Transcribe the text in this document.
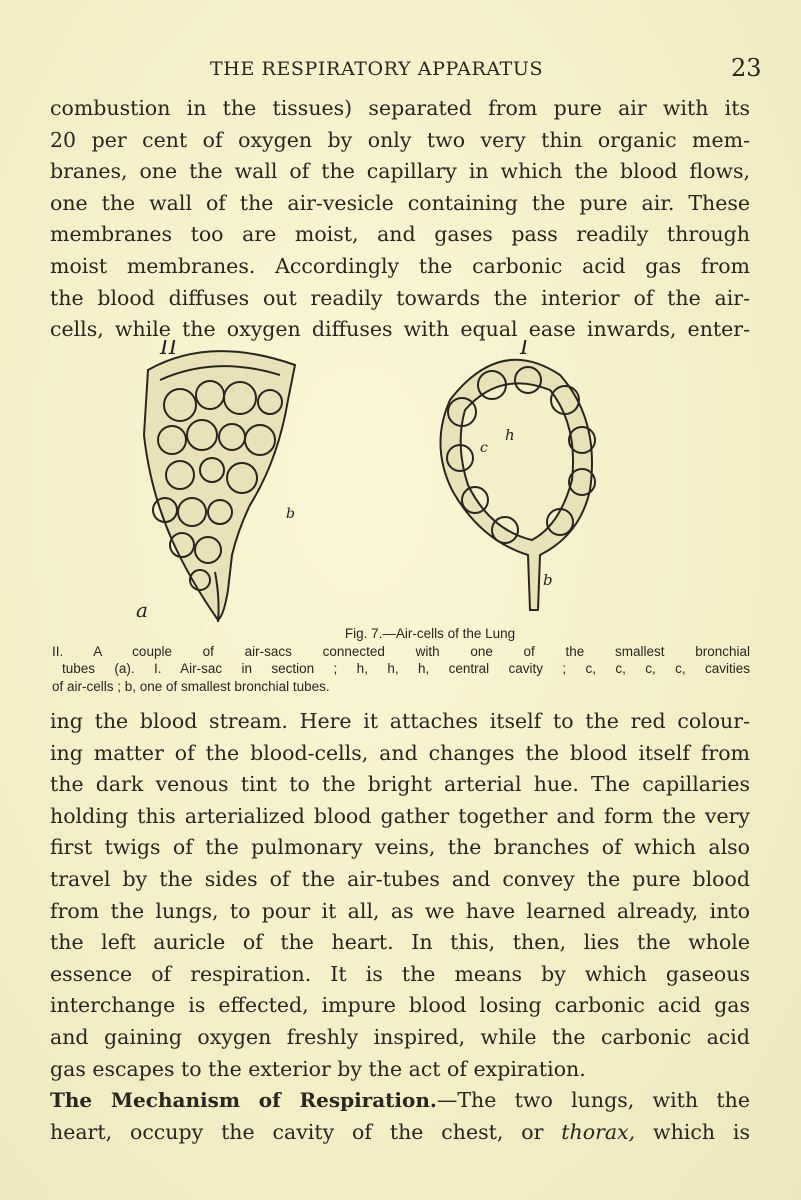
THE RESPIRATORY APPARATUS	23
combustion in the tissues) separated from pure air with its
20 per cent of oxygen by only two very thin organic mem-
branes, one the wall of the capillary in which the blood flows,
one the wall of the air-vesicle containing the pure air. These
membranes too are moist, and gases pass readily through
moist membranes. Accordingly the carbonic acid gas from
the blood diffuses out readily towards the interior of the air-
cells, while the oxygen diffuses with equal ease inwards, enter-
II
a
b
I
c
h
b
Fig. 7.—Air-cells of the Lung
II. A couple of air-sacs connected with one of the smallest bronchial
tubes (a). I. Air-sac in section ; h, h, h, central cavity ; c, c, c, c, cavities
of air-cells ; b, one of smallest bronchial tubes.
ing the blood stream. Here it attaches itself to the red colour-
ing matter of the blood-cells, and changes the blood itself from
the dark venous tint to the bright arterial hue. The capillaries
holding this arterialized blood gather together and form the very
first twigs of the pulmonary veins, the branches of which also
travel by the sides of the air-tubes and convey the pure blood
from the lungs, to pour it all, as we have learned already, into
the left auricle of the heart. In this, then, lies the whole
essence of respiration. It is the means by which gaseous
interchange is effected, impure blood losing carbonic acid gas
and gaining oxygen freshly inspired, while the carbonic acid
gas escapes to the exterior by the act of expiration.
The Mechanism of Respiration.—The two lungs, with the
heart, occupy the cavity of the chest, or thorax, which is
